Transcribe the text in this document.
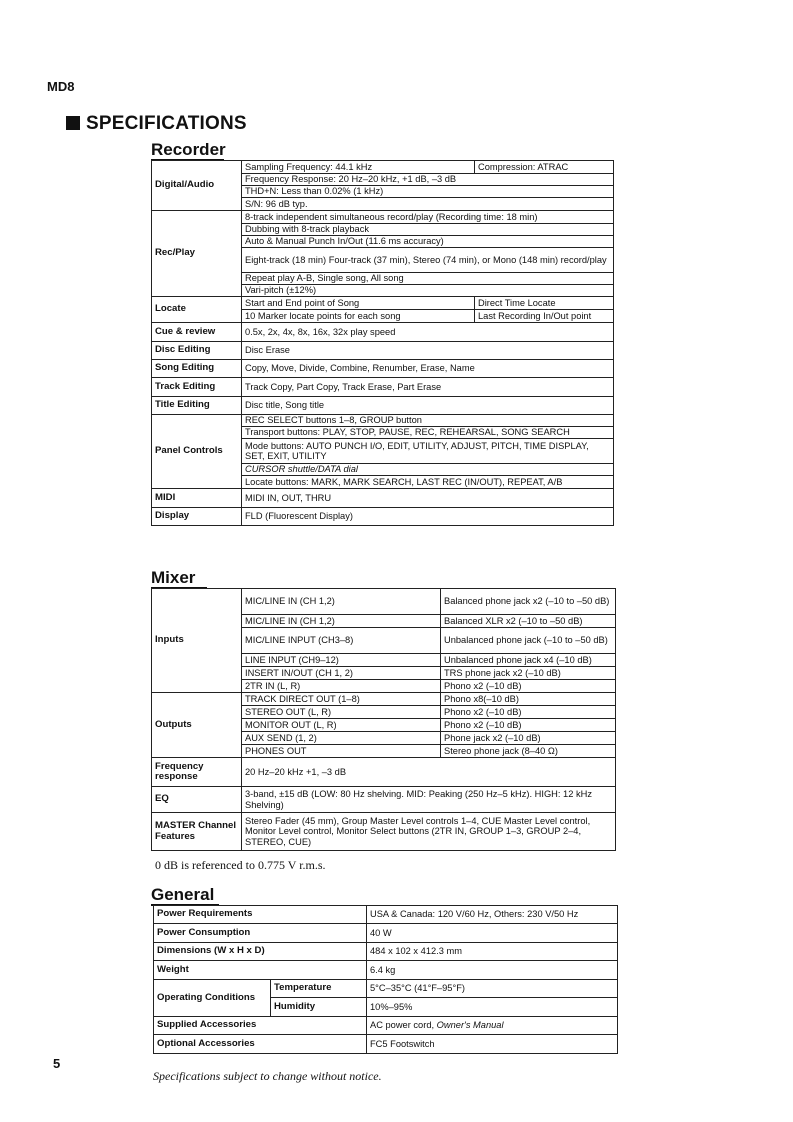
MD8
SPECIFICATIONS
Recorder
Digital/Audio	Sampling Frequency: 44.1 kHz	Compression: ATRAC
	Frequency Response: 20 Hz–20 kHz, +1 dB, –3 dB	
	THD+N: Less than 0.02% (1 kHz)	
	S/N: 96 dB typ.	
Rec/Play	8-track independent simultaneous record/play (Recording time: 18 min)	
	Dubbing with 8-track playback	
	Auto & Manual Punch In/Out (11.6 ms accuracy)	
	Eight-track (18 min) Four-track (37 min), Stereo (74 min), or Mono (148 min) record/play	
	Repeat play A-B, Single song, All song	
	Vari-pitch (±12%)	
Locate	Start and End point of Song	Direct Time Locate
	10 Marker locate points for each song	Last Recording In/Out point
Cue & review	0.5x, 2x, 4x, 8x, 16x, 32x play speed	
Disc Editing	Disc Erase	
Song Editing	Copy, Move, Divide, Combine, Renumber, Erase, Name	
Track Editing	Track Copy, Part Copy, Track Erase, Part Erase	
Title Editing	Disc title, Song title	
Panel Controls	REC SELECT buttons 1–8, GROUP button	
	Transport buttons: PLAY, STOP, PAUSE, REC, REHEARSAL, SONG SEARCH	
	Mode buttons: AUTO PUNCH I/O, EDIT, UTILITY, ADJUST, PITCH, TIME DISPLAY, SET, EXIT, UTILITY	
	CURSOR shuttle/DATA dial	
	Locate buttons: MARK, MARK SEARCH, LAST REC (IN/OUT), REPEAT, A/B	
MIDI	MIDI IN, OUT, THRU	
Display	FLD (Fluorescent Display)	
Mixer
Inputs	MIC/LINE IN (CH 1,2)	Balanced phone jack x2 (–10 to –50 dB)
	MIC/LINE IN (CH 1,2)	Balanced XLR x2 (–10 to –50 dB)
	MIC/LINE INPUT (CH3–8)	Unbalanced phone jack (–10 to –50 dB)
	LINE INPUT (CH9–12)	Unbalanced phone jack x4 (–10 dB)
	INSERT IN/OUT (CH 1, 2)	TRS phone jack x2 (–10 dB)
	2TR IN (L, R)	Phono x2 (–10 dB)
Outputs	TRACK DIRECT OUT (1–8)	Phono x8(–10 dB)
	STEREO OUT (L, R)	Phono x2 (–10 dB)
	MONITOR OUT (L, R)	Phono x2 (–10 dB)
	AUX SEND (1, 2)	Phone jack x2 (–10 dB)
	PHONES OUT	Stereo phone jack (8–40 Ω)
Frequency response	20 Hz–20 kHz +1, –3 dB	
EQ	3-band, ±15 dB (LOW: 80 Hz shelving. MID: Peaking (250 Hz–5 kHz). HIGH: 12 kHz Shelving)	
MASTER Channel Features	Stereo Fader (45 mm), Group Master Level controls 1–4, CUE Master Level control, Monitor Level control, Monitor Select buttons (2TR IN, GROUP 1–3, GROUP 2–4, STEREO, CUE)	
0 dB is referenced to 0.775 V r.m.s.
General
Power Requirements		USA & Canada: 120 V/60 Hz, Others: 230 V/50 Hz
Power Consumption		40 W
Dimensions (W x H x D)		484 x 102 x 412.3 mm
Weight		6.4 kg
Operating Conditions	Temperature	5°C–35°C (41°F–95°F)
	Humidity	10%–95%
Supplied Accessories		AC power cord, Owner's Manual
Optional Accessories		FC5 Footswitch
5
Specifications subject to change without notice.
